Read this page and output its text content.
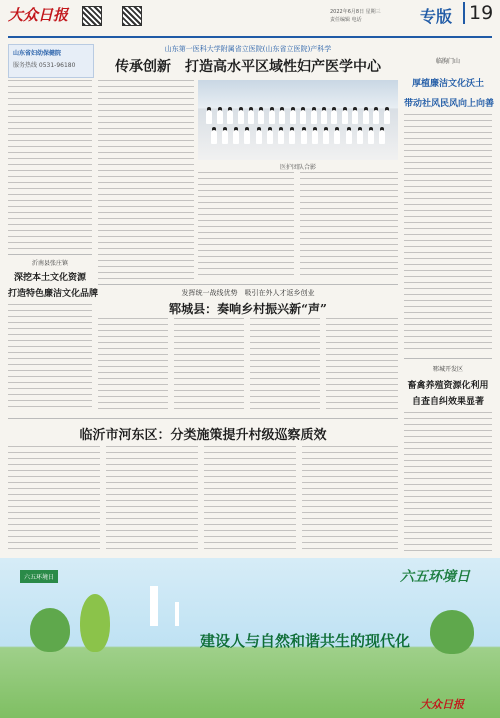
大众日报	2022年6月8日 星期三
责任编辑 电话	专版 19
山东省妇幼保健院
服务热线 0531-96180
沂南县张庄镇
山东第一医科大学附属省立医院(山东省立医院)产科学
传承创新　打造高水平区域性妇产医学中心
医护团队合影
临朐门山
厚植廉洁文化沃土
带动社风民风向上向善
郓城开发区
畜禽养殖资源化利用
自查自纠效果显著
深挖本土文化资源
打造特色廉洁文化品牌	发挥统一战线优势　吸引在外人才返乡创业
郓城县：奏响乡村振兴新“声”
临沂市河东区：分类施策提升村级巡察质效
六五环境日	六五环境日
建设人与自然和谐共生的现代化
大众日报
